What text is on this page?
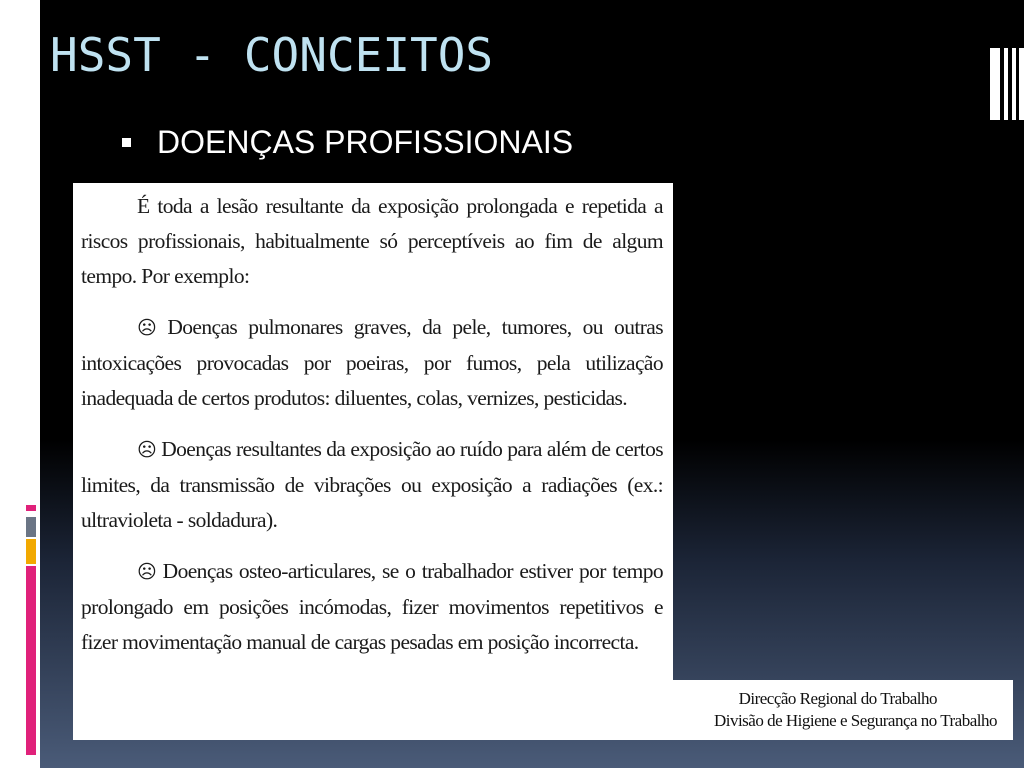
HSST - CONCEITOS
DOENÇAS PROFISSIONAIS

É toda a lesão resultante da exposição prolongada e repetida a riscos profissionais, habitualmente só perceptíveis ao fim de algum tempo. Por exemplo:

☹ Doenças pulmonares graves, da pele, tumores, ou outras intoxicações provocadas por poeiras, por fumos, pela utilização inadequada de certos produtos: diluentes, colas, vernizes, pesticidas.

☹ Doenças resultantes da exposição ao ruído para além de certos limites, da transmissão de vibrações ou exposição a radiações (ex.: ultravioleta - soldadura).

☹ Doenças osteo-articulares, se o trabalhador estiver por tempo prolongado em posições incómodas, fizer movimentos repetitivos e fizer movimentação manual de cargas pesadas em posição incorrecta.

Direcção Regional do Trabalho
Divisão de Higiene e Segurança no Trabalho
